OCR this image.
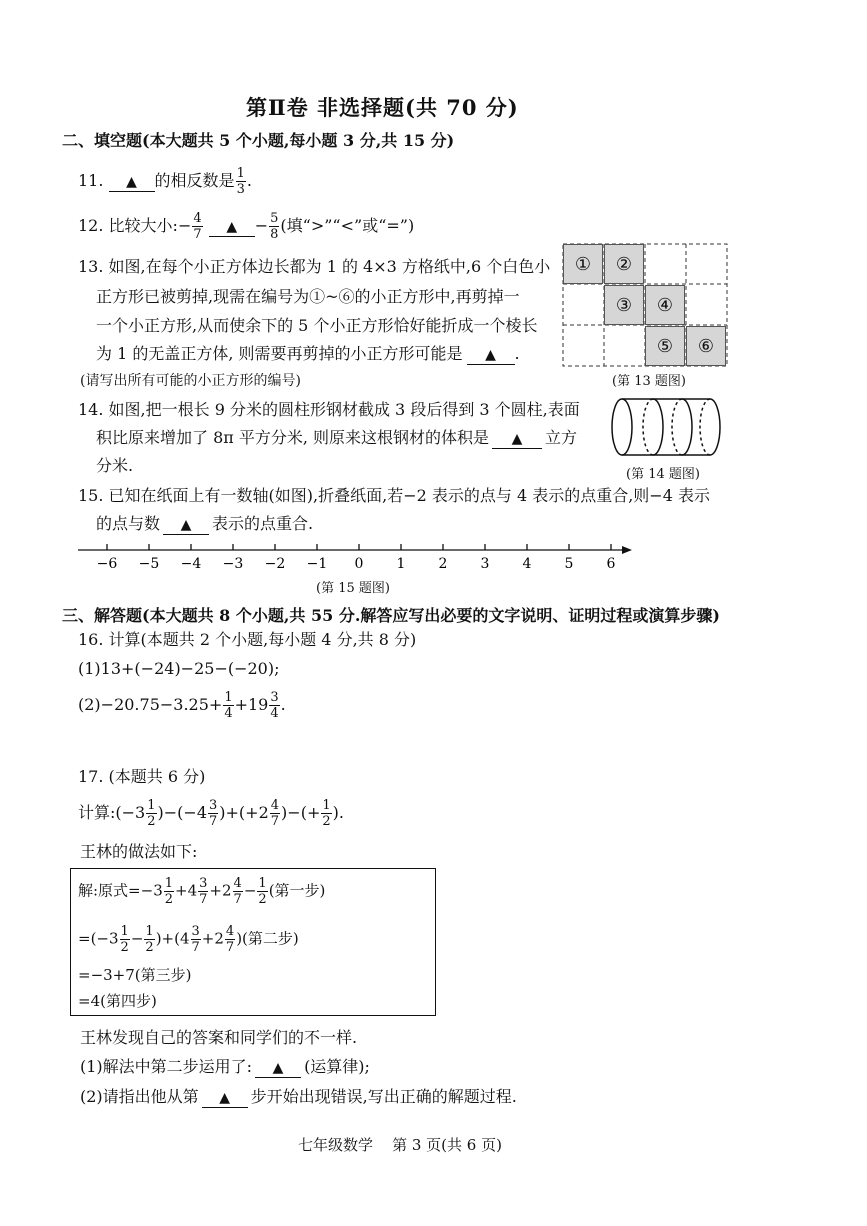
第Ⅱ卷 非选择题(共 70 分)
二、填空题(本大题共 5 个小题,每小题 3 分,共 15 分)
11. ▲ 的相反数是 $\frac{1}{3}$ .
12. 比较大小:− $\frac{4}{7}$ ▲ − $\frac{5}{8}$ (填“>”“<”或“=”)
13. 如图,在每个小正方体边长都为 1 的 4×3 方格纸中,6 个白色小
正方形已被剪掉,现需在编号为①~⑥的小正方形中,再剪掉一
一个小正方形,从而使余下的 5 个小正方形恰好能折成一个棱长
为 1 的无盖正方体, 则需要再剪掉的小正方形可能是 ▲ .
(请写出所有可能的小正方形的编号)
①	②
③	④
⑤	⑥
(第 13 题图)
14. 如图,把一根长 9 分米的圆柱形钢材截成 3 段后得到 3 个圆柱,表面
积比原来增加了 8π 平方分米, 则原来这根钢材的体积是 ▲ 立方
分米.	(第 14 题图)
15. 已知在纸面上有一数轴(如图),折叠纸面,若−2 表示的点与 4 表示的点重合,则−4 表示
的点与数 ▲ 表示的点重合.
−6 −5 −4 −3 −2 −1 0 1 2 3 4 5 6
(第 15 题图)
三、解答题(本大题共 8 个小题,共 55 分.解答应写出必要的文字说明、证明过程或演算步骤)
16. 计算(本题共 2 个小题,每小题 4 分,共 8 分)
(1)13+(−24)−25−(−20);
$(2)-20.75-3.25+ \frac{1}{4} +19 \frac{3}{4}$ .
17. (本题共 6 分)
计算:(−3 $\frac{1}{2} )-(-4 \frac{3}{7} )+(+2 \frac{4}{7}$ )−(+ $\frac{1}{2}$ ).
王林的做法如下:
解:原式$=-3 \frac{1}{2} +4 \frac{3}{7} +2 \frac{4}{7} - \frac{1}{2}$ (第一步)
$=(-3 \frac{1}{2} - \frac{1}{2} )+(4 \frac{3}{7} +2 \frac{4}{7}$ )(第二步)
=−3+7(第三步)
=4(第四步)
王林发现自己的答案和同学们的不一样.
(1)解法中第二步运用了: ▲ (运算律);
(2)请指出他从第 ▲ 步开始出现错误,写出正确的解题过程.
七年级数学    第 3 页(共 6 页)
